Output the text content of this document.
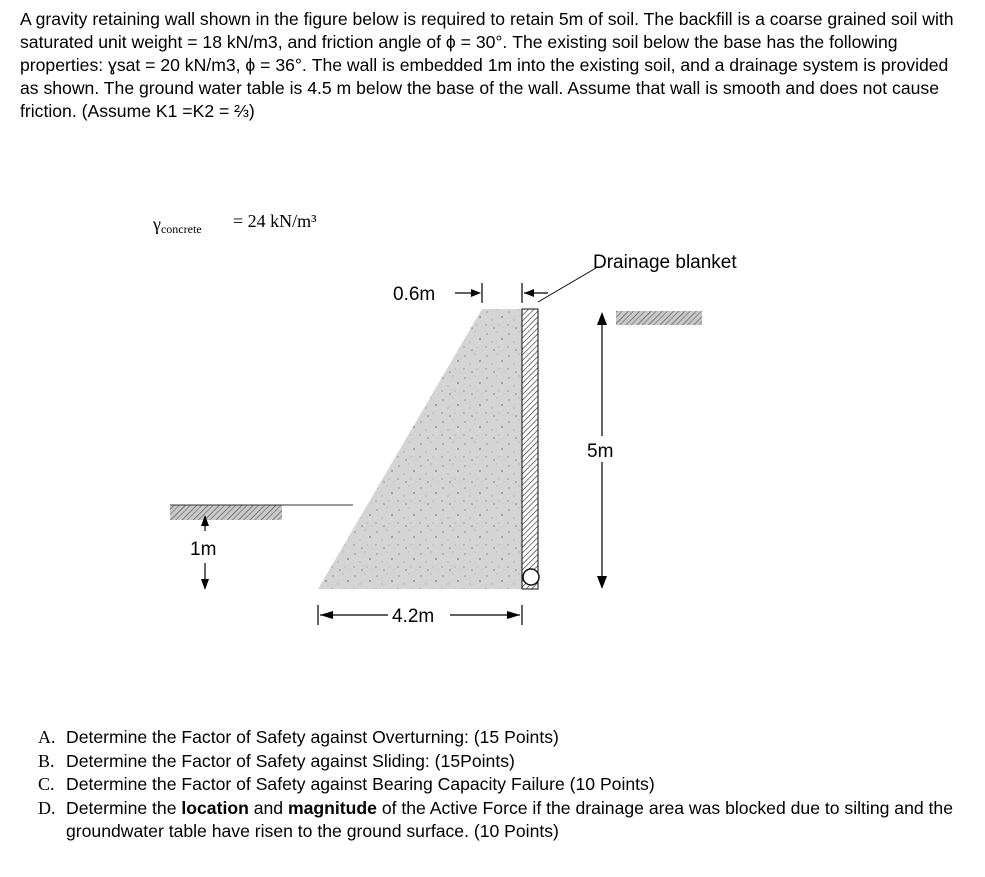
A gravity retaining wall shown in the figure below is required to retain 5m of soil. The backfill is a coarse grained soil with saturated unit weight = 18 kN/m3, and friction angle of ϕ = 30°. The existing soil below the base has the following properties: ɣsat = 20 kN/m3, ϕ = 36°. The wall is embedded 1m into the existing soil, and a drainage system is provided as shown. The ground water table is 4.5 m below the base of the wall. Assume that wall is smooth and does not cause friction. (Assume K1 =K2 = ⅔)

γconcrete = 24 kN/m³
0.6m
Drainage blanket
5m
1m
4.2m
A. Determine the Factor of Safety against Overturning: (15 Points)
B. Determine the Factor of Safety against Sliding: (15Points)
C. Determine the Factor of Safety against Bearing Capacity Failure (10 Points)
D. Determine the location and magnitude of the Active Force if the drainage area was blocked due to silting and the groundwater table have risen to the ground surface. (10 Points)
